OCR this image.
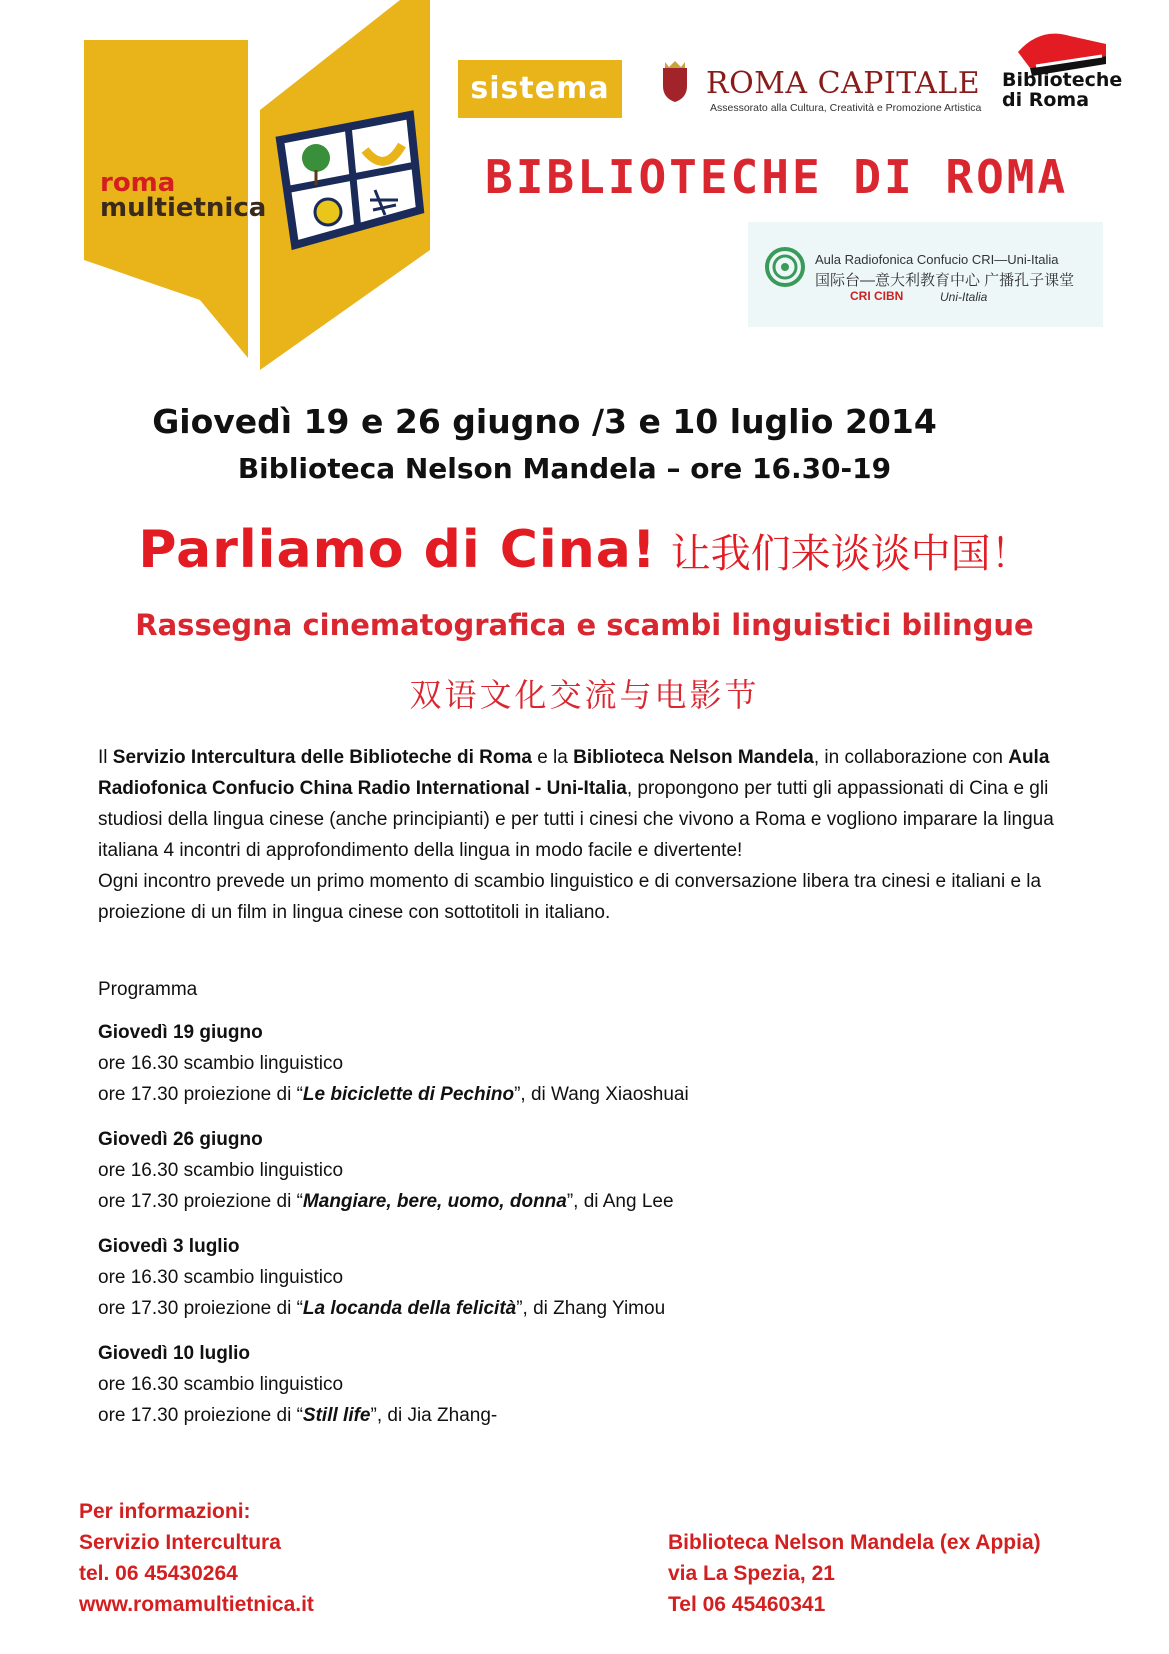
sistema
roma
multietnica
ROMA CAPITALE
Assessorato alla Cultura, Creatività e Promozione Artistica
Biblioteche
di Roma
BIBLIOTECHE DI ROMA
Aula Radiofonica Confucio CRI—Uni-Italia
国际台—意大利教育中心 广播孔子课堂
CRI CIBN	Uni-Italia
Giovedì 19 e 26 giugno /3 e 10 luglio 2014
Biblioteca Nelson Mandela – ore 16.30-19
Parliamo di Cina! 让我们来谈谈中国！
Rassegna cinematografica e scambi linguistici bilingue
双语文化交流与电影节
Il Servizio Intercultura delle Biblioteche di Roma e la Biblioteca Nelson Mandela, in collaborazione con Aula Radiofonica Confucio China Radio International - Uni-Italia, propongono per tutti gli appassionati di Cina e gli studiosi della lingua cinese (anche principianti) e per tutti i cinesi che vivono a Roma e vogliono imparare la lingua italiana 4 incontri di approfondimento della lingua in modo facile e divertente!
Ogni incontro prevede un primo momento di scambio linguistico e di conversazione libera tra cinesi e italiani e la proiezione di un film in lingua cinese con sottotitoli in italiano.
Programma
Giovedì 19 giugno
ore 16.30 scambio linguistico
ore 17.30 proiezione di “Le biciclette di Pechino”, di Wang Xiaoshuai
Giovedì 26 giugno
ore 16.30 scambio linguistico
ore 17.30 proiezione di “Mangiare, bere, uomo, donna”, di Ang Lee
Giovedì 3 luglio
ore 16.30 scambio linguistico
ore 17.30 proiezione di “La locanda della felicità”, di Zhang Yimou
Giovedì 10 luglio
ore 16.30 scambio linguistico
ore 17.30 proiezione di “Still life”, di Jia Zhang-
Per informazioni:
Servizio Intercultura
tel. 06 45430264
www.romamultietnica.it
Biblioteca Nelson Mandela (ex Appia)
via La Spezia, 21
Tel 06 45460341
